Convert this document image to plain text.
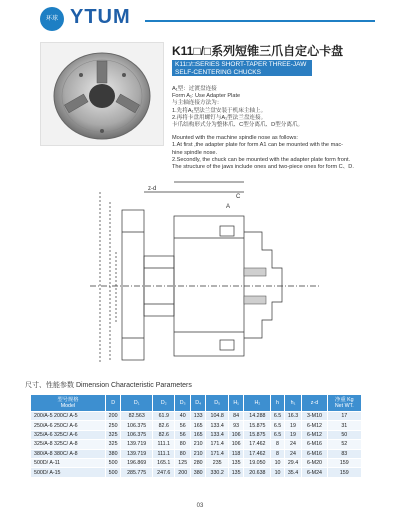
环球 YTUM
K11□/□系列短锥三爪自定心卡盘
K11□/□SERIES SHORT-TAPER THREE-JAW
SELF-CENTERING CHUCKS
A₁型：过渡盘连接
Form A₁: Use Adapter Plate
与主轴连接方法为：
1.先将A₁型法兰盘安装于机床主轴上。
2.再将卡盘用螺钉与A₁型法兰盘连接。
卡爪结构形式分为整体爪、C型分离爪、D型分离爪。
Mounted with the machine spindle nose as follows:
1.At first ,the adapter plate for form A1 can be mounted with the mac-
hine spindle nose.
2.Secondly, the chuck can be mounted with the adapter plate form front.
The structure of the jaws include ones and two-piece ones for form C、D.
z-d
A
C
尺寸、性能参数 Dimension Characteristic Parameters
型号规格
Model	D	D₁	D₂	D₃	D₄	D₅	H₁	H₂	h	h₁	z-d	净重 Kg
Net WT.
200/A-5 200C/ A-5	200	82.563	61.9	40	133	104.8	84	14.288	6.5	16.3	3-M10	17
250/A-6 250C/ A-6	250	106.375	82.6	56	165	133.4	93	15.875	6.5	19	6-M12	31
325/A-6 325C/ A-6	325	106.375	82.6	56	165	133.4	106	15.875	6.5	19	6-M12	50
325/A-8 325C/ A-8	325	139.719	111.1	80	210	171.4	106	17.462	8	24	6-M16	52
380/A-8 380C/ A-8	380	139.719	111.1	80	210	171.4	118	17.462	8	24	6-M16	83
500D/ A-11	500	196.869	165.1	125	280	235	135	19.050	10	29.4	6-M20	159
500D/ A-15	500	285.775	247.6	200	380	330.2	135	20.638	10	35.4	6-M24	159
03
